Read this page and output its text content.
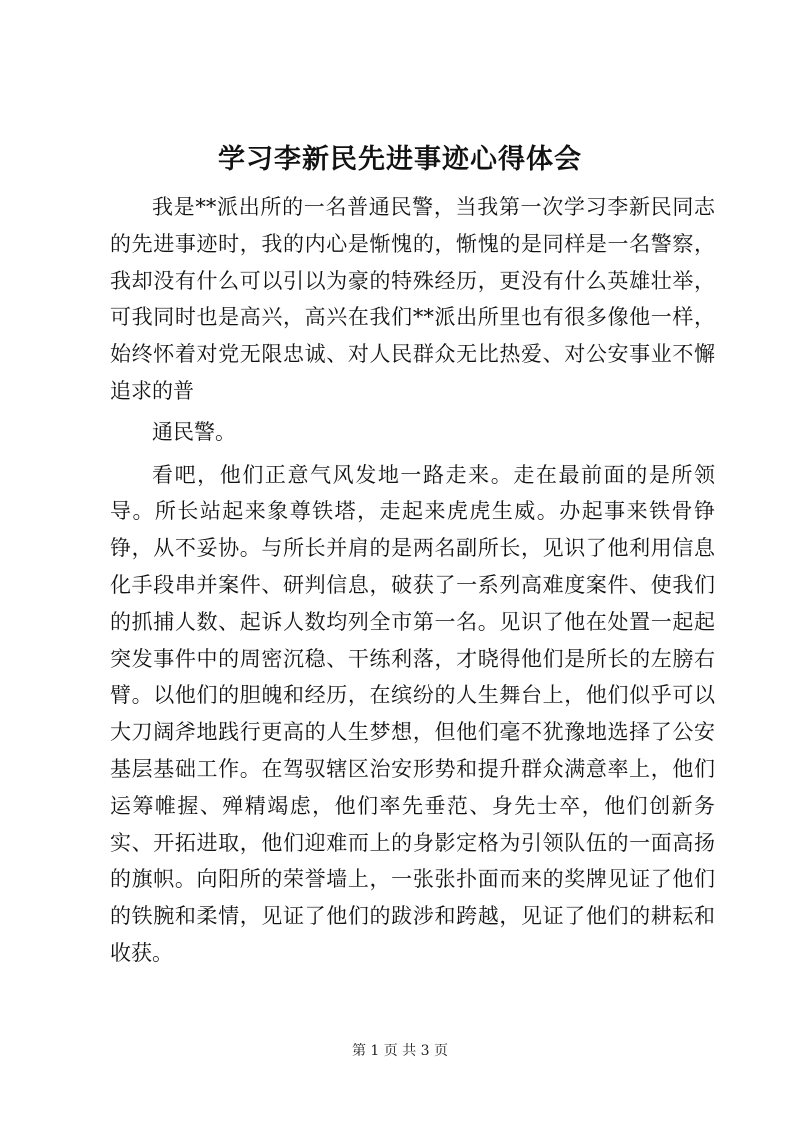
学习李新民先进事迹心得体会

我是**派出所的一名普通民警，当我第一次学习李新民同志的先进事迹时，我的内心是惭愧的，惭愧的是同样是一名警察，我却没有什么可以引以为豪的特殊经历，更没有什么英雄壮举，可我同时也是高兴，高兴在我们**派出所里也有很多像他一样，始终怀着对党无限忠诚、对人民群众无比热爱、对公安事业不懈追求的普

通民警。

看吧，他们正意气风发地一路走来。走在最前面的是所领导。所长站起来象尊铁塔，走起来虎虎生威。办起事来铁骨铮铮，从不妥协。与所长并肩的是两名副所长，见识了他利用信息化手段串并案件、研判信息，破获了一系列高难度案件、使我们的抓捕人数、起诉人数均列全市第一名。见识了他在处置一起起突发事件中的周密沉稳、干练利落，才晓得他们是所长的左膀右臂。以他们的胆魄和经历，在缤纷的人生舞台上，他们似乎可以大刀阔斧地践行更高的人生梦想，但他们毫不犹豫地选择了公安基层基础工作。在驾驭辖区治安形势和提升群众满意率上，他们运筹帷握、殚精竭虑，他们率先垂范、身先士卒，他们创新务实、开拓进取，他们迎难而上的身影定格为引领队伍的一面高扬的旗帜。向阳所的荣誉墙上，一张张扑面而来的奖牌见证了他们的铁腕和柔情，见证了他们的跋涉和跨越，见证了他们的耕耘和收获。

第 1 页 共 3 页
